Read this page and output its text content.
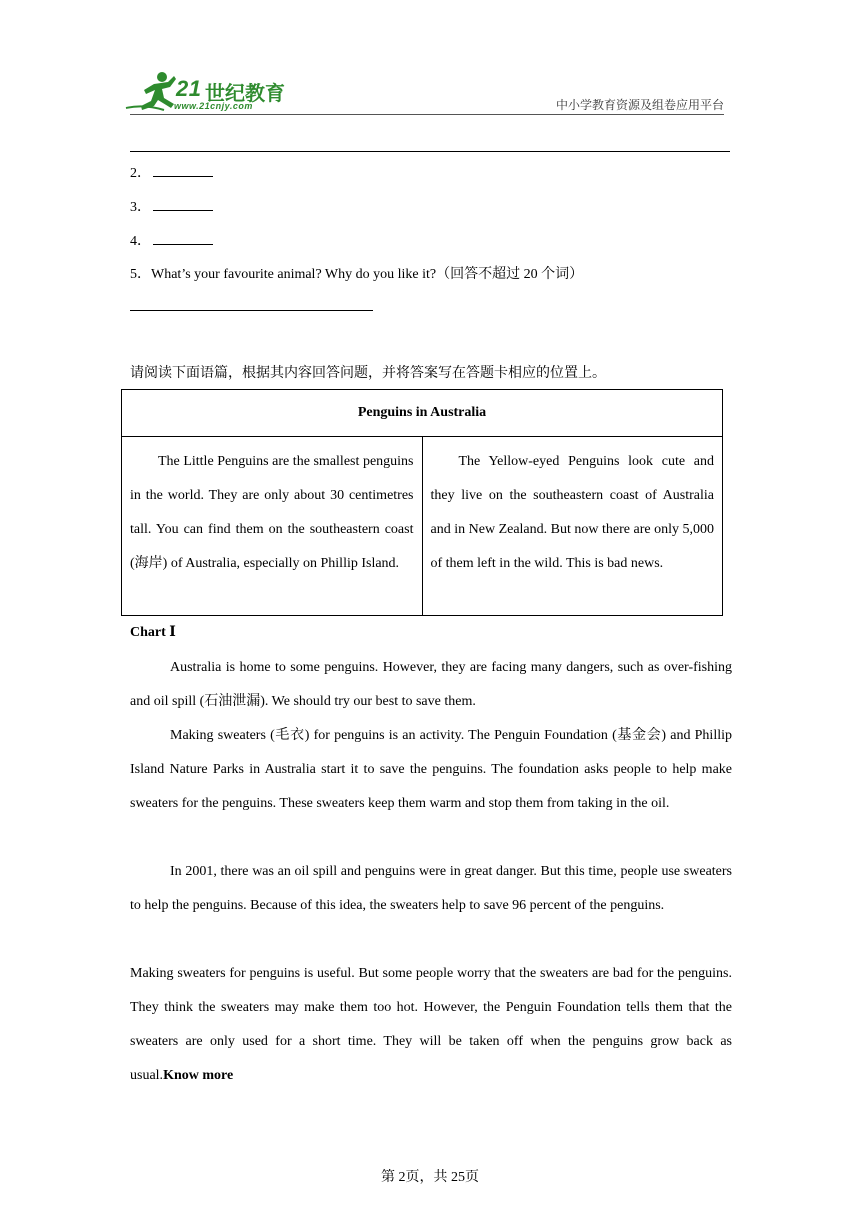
21 世纪教育
www.21cnjy.com	中小学教育资源及组卷应用平台
2．
3．
4．
5．What’s your favourite animal? Why do you like it?（回答不超过 20 个词）
请阅读下面语篇，根据其内容回答问题，并将答案写在答题卡相应的位置上。
Penguins in Australia
The Little Penguins are the smallest penguins in the world. They are only about 30 centimetres tall. You can find them on the southeastern coast (海岸) of Australia, especially on Phillip Island.	The Yellow-eyed Penguins look cute and they live on the southeastern coast of Australia and in New Zealand. But now there are only 5,000 of them left in the wild. This is bad news.
Chart Ⅰ
Australia is home to some penguins. However, they are facing many dangers, such as over-fishing and oil spill (石油泄漏). We should try our best to save them.
Making sweaters (毛衣) for penguins is an activity. The Penguin Foundation (基金会) and Phillip Island Nature Parks in Australia start it to save the penguins. The foundation asks people to help make sweaters for the penguins. These sweaters keep them warm and stop them from taking in the oil.
In 2001, there was an oil spill and penguins were in great danger. But this time, people use sweaters to help the penguins. Because of this idea, the sweaters help to save 96 percent of the penguins.
Making sweaters for penguins is useful. But some people worry that the sweaters are bad for the penguins. They think the sweaters may make them too hot. However, the Penguin Foundation tells them that the sweaters are only used for a short time. They will be taken off when the penguins grow back as usual.Know more
第 2页，共 25页
